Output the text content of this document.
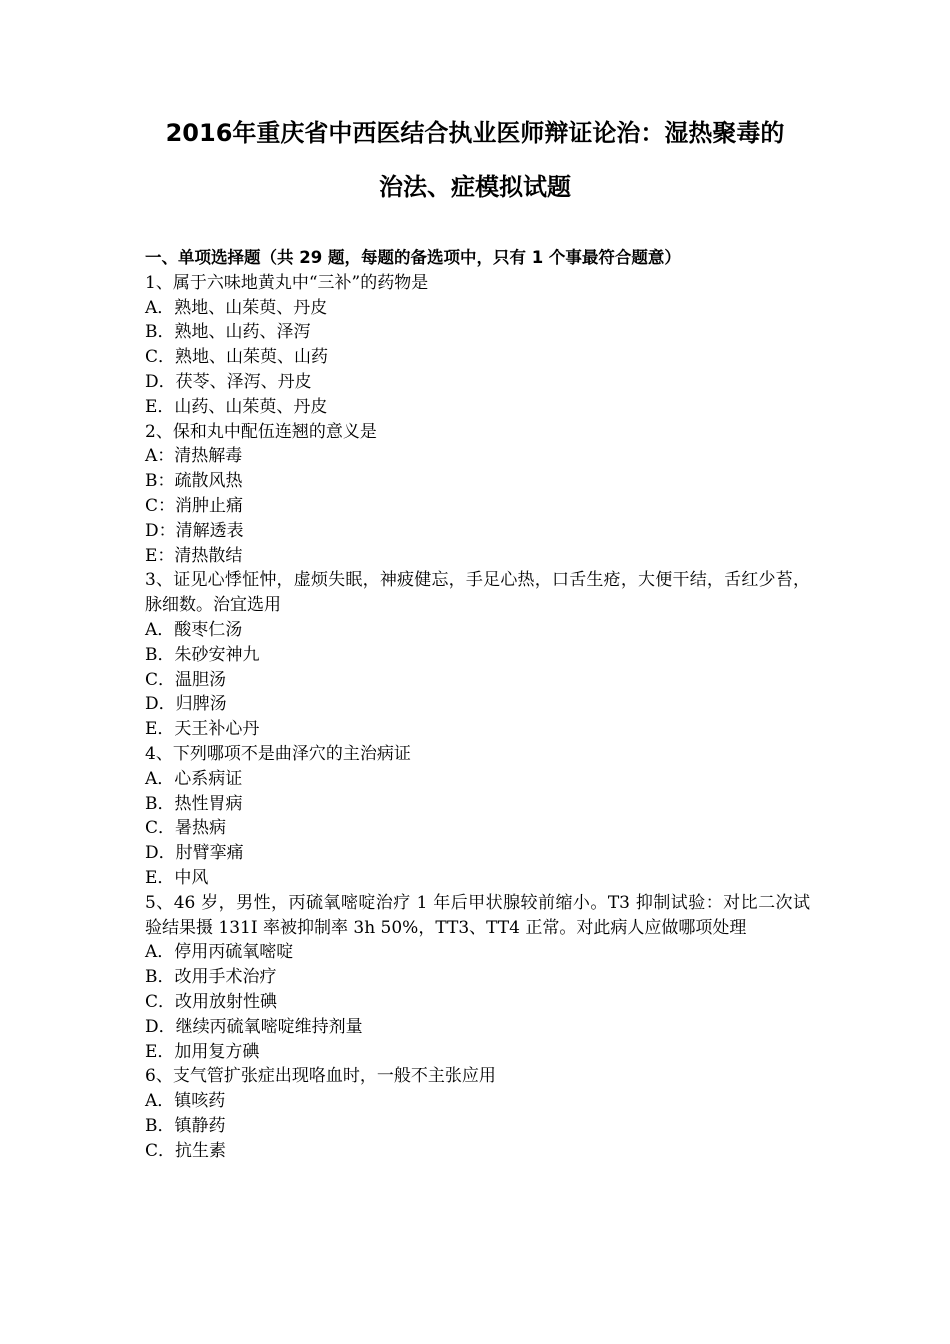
2016年重庆省中西医结合执业医师辩证论治：湿热聚毒的
治法、症模拟试题
一、单项选择题（共 29 题，每题的备选项中，只有 1 个事最符合题意）
1、属于六味地黄丸中“三补”的药物是
A．熟地、山茱萸、丹皮
B．熟地、山药、泽泻
C．熟地、山茱萸、山药
D．茯苓、泽泻、丹皮
E．山药、山茱萸、丹皮
2、保和丸中配伍连翘的意义是
A：清热解毒
B：疏散风热
C：消肿止痛
D：清解透表
E：清热散结
3、证见心悸怔忡，虚烦失眠，神疲健忘，手足心热，口舌生疮，大便干结，舌红少苔，脉细数。治宜选用
A．酸枣仁汤
B．朱砂安神九
C．温胆汤
D．归脾汤
E．天王补心丹
4、下列哪项不是曲泽穴的主治病证
A．心系病证
B．热性胃病
C．暑热病
D．肘臂挛痛
E．中风
5、46 岁，男性，丙硫氧嘧啶治疗 1 年后甲状腺较前缩小。T3 抑制试验：对比二次试验结果摄 131I 率被抑制率 3h 50%，TT3、TT4 正常。对此病人应做哪项处理
A．停用丙硫氧嘧啶
B．改用手术治疗
C．改用放射性碘
D．继续丙硫氧嘧啶维持剂量
E．加用复方碘
6、支气管扩张症出现咯血时，一般不主张应用
A．镇咳药
B．镇静药
C．抗生素
